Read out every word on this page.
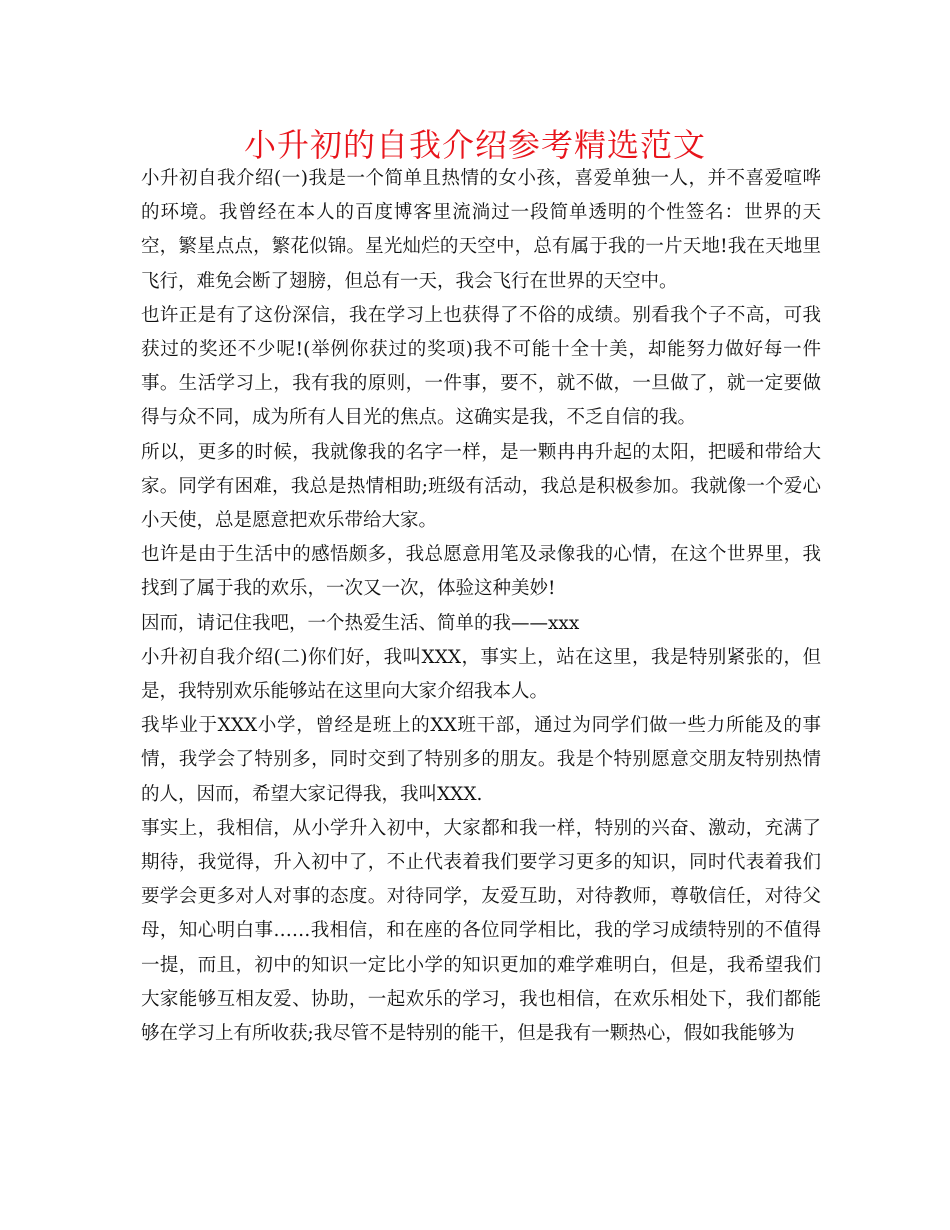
小升初的自我介绍参考精选范文

小升初自我介绍(一)我是一个简单且热情的女小孩，喜爱单独一人，并不喜爱喧哗的环境。我曾经在本人的百度博客里流淌过一段简单透明的个性签名：世界的天空，繁星点点，繁花似锦。星光灿烂的天空中，总有属于我的一片天地!我在天地里飞行，难免会断了翅膀，但总有一天，我会飞行在世界的天空中。

也许正是有了这份深信，我在学习上也获得了不俗的成绩。别看我个子不高，可我获过的奖还不少呢!(举例你获过的奖项)我不可能十全十美，却能努力做好每一件事。生活学习上，我有我的原则，一件事，要不，就不做，一旦做了，就一定要做得与众不同，成为所有人目光的焦点。这确实是我，不乏自信的我。

所以，更多的时候，我就像我的名字一样，是一颗冉冉升起的太阳，把暖和带给大家。同学有困难，我总是热情相助;班级有活动，我总是积极参加。我就像一个爱心小天使，总是愿意把欢乐带给大家。

也许是由于生活中的感悟颇多，我总愿意用笔及录像我的心情，在这个世界里，我找到了属于我的欢乐，一次又一次，体验这种美妙!

因而，请记住我吧，一个热爱生活、简单的我——xxx

小升初自我介绍(二)你们好，我叫XXX，事实上，站在这里，我是特别紧张的，但是，我特别欢乐能够站在这里向大家介绍我本人。

我毕业于XXX小学，曾经是班上的XX班干部，通过为同学们做一些力所能及的事情，我学会了特别多，同时交到了特别多的朋友。我是个特别愿意交朋友特别热情的人，因而，希望大家记得我，我叫XXX.

事实上，我相信，从小学升入初中，大家都和我一样，特别的兴奋、激动，充满了期待，我觉得，升入初中了，不止代表着我们要学习更多的知识，同时代表着我们要学会更多对人对事的态度。对待同学，友爱互助，对待教师，尊敬信任，对待父母，知心明白事……我相信，和在座的各位同学相比，我的学习成绩特别的不值得一提，而且，初中的知识一定比小学的知识更加的难学难明白，但是，我希望我们大家能够互相友爱、协助，一起欢乐的学习，我也相信，在欢乐相处下，我们都能够在学习上有所收获;我尽管不是特别的能干，但是我有一颗热心，假如我能够为
